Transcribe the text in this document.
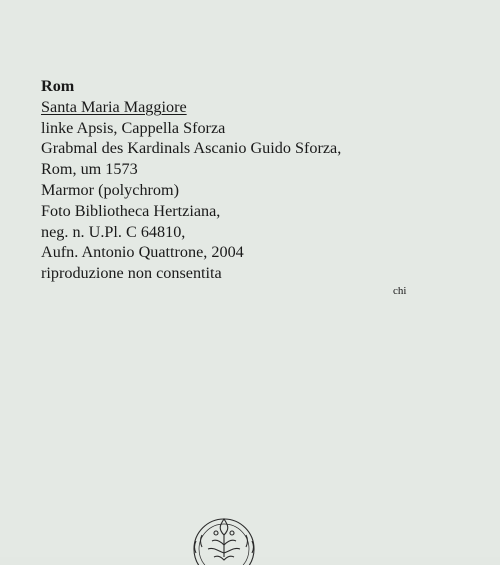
Rom
Santa Maria Maggiore
linke Apsis, Cappella Sforza
Grabmal des Kardinals Ascanio Guido Sforza,
Rom, um 1573
Marmor (polychrom)
Foto Bibliotheca Hertziana,
neg. n. U.Pl. C 64810,
Aufn. Antonio Quattrone, 2004
riproduzione non consentita
chi
